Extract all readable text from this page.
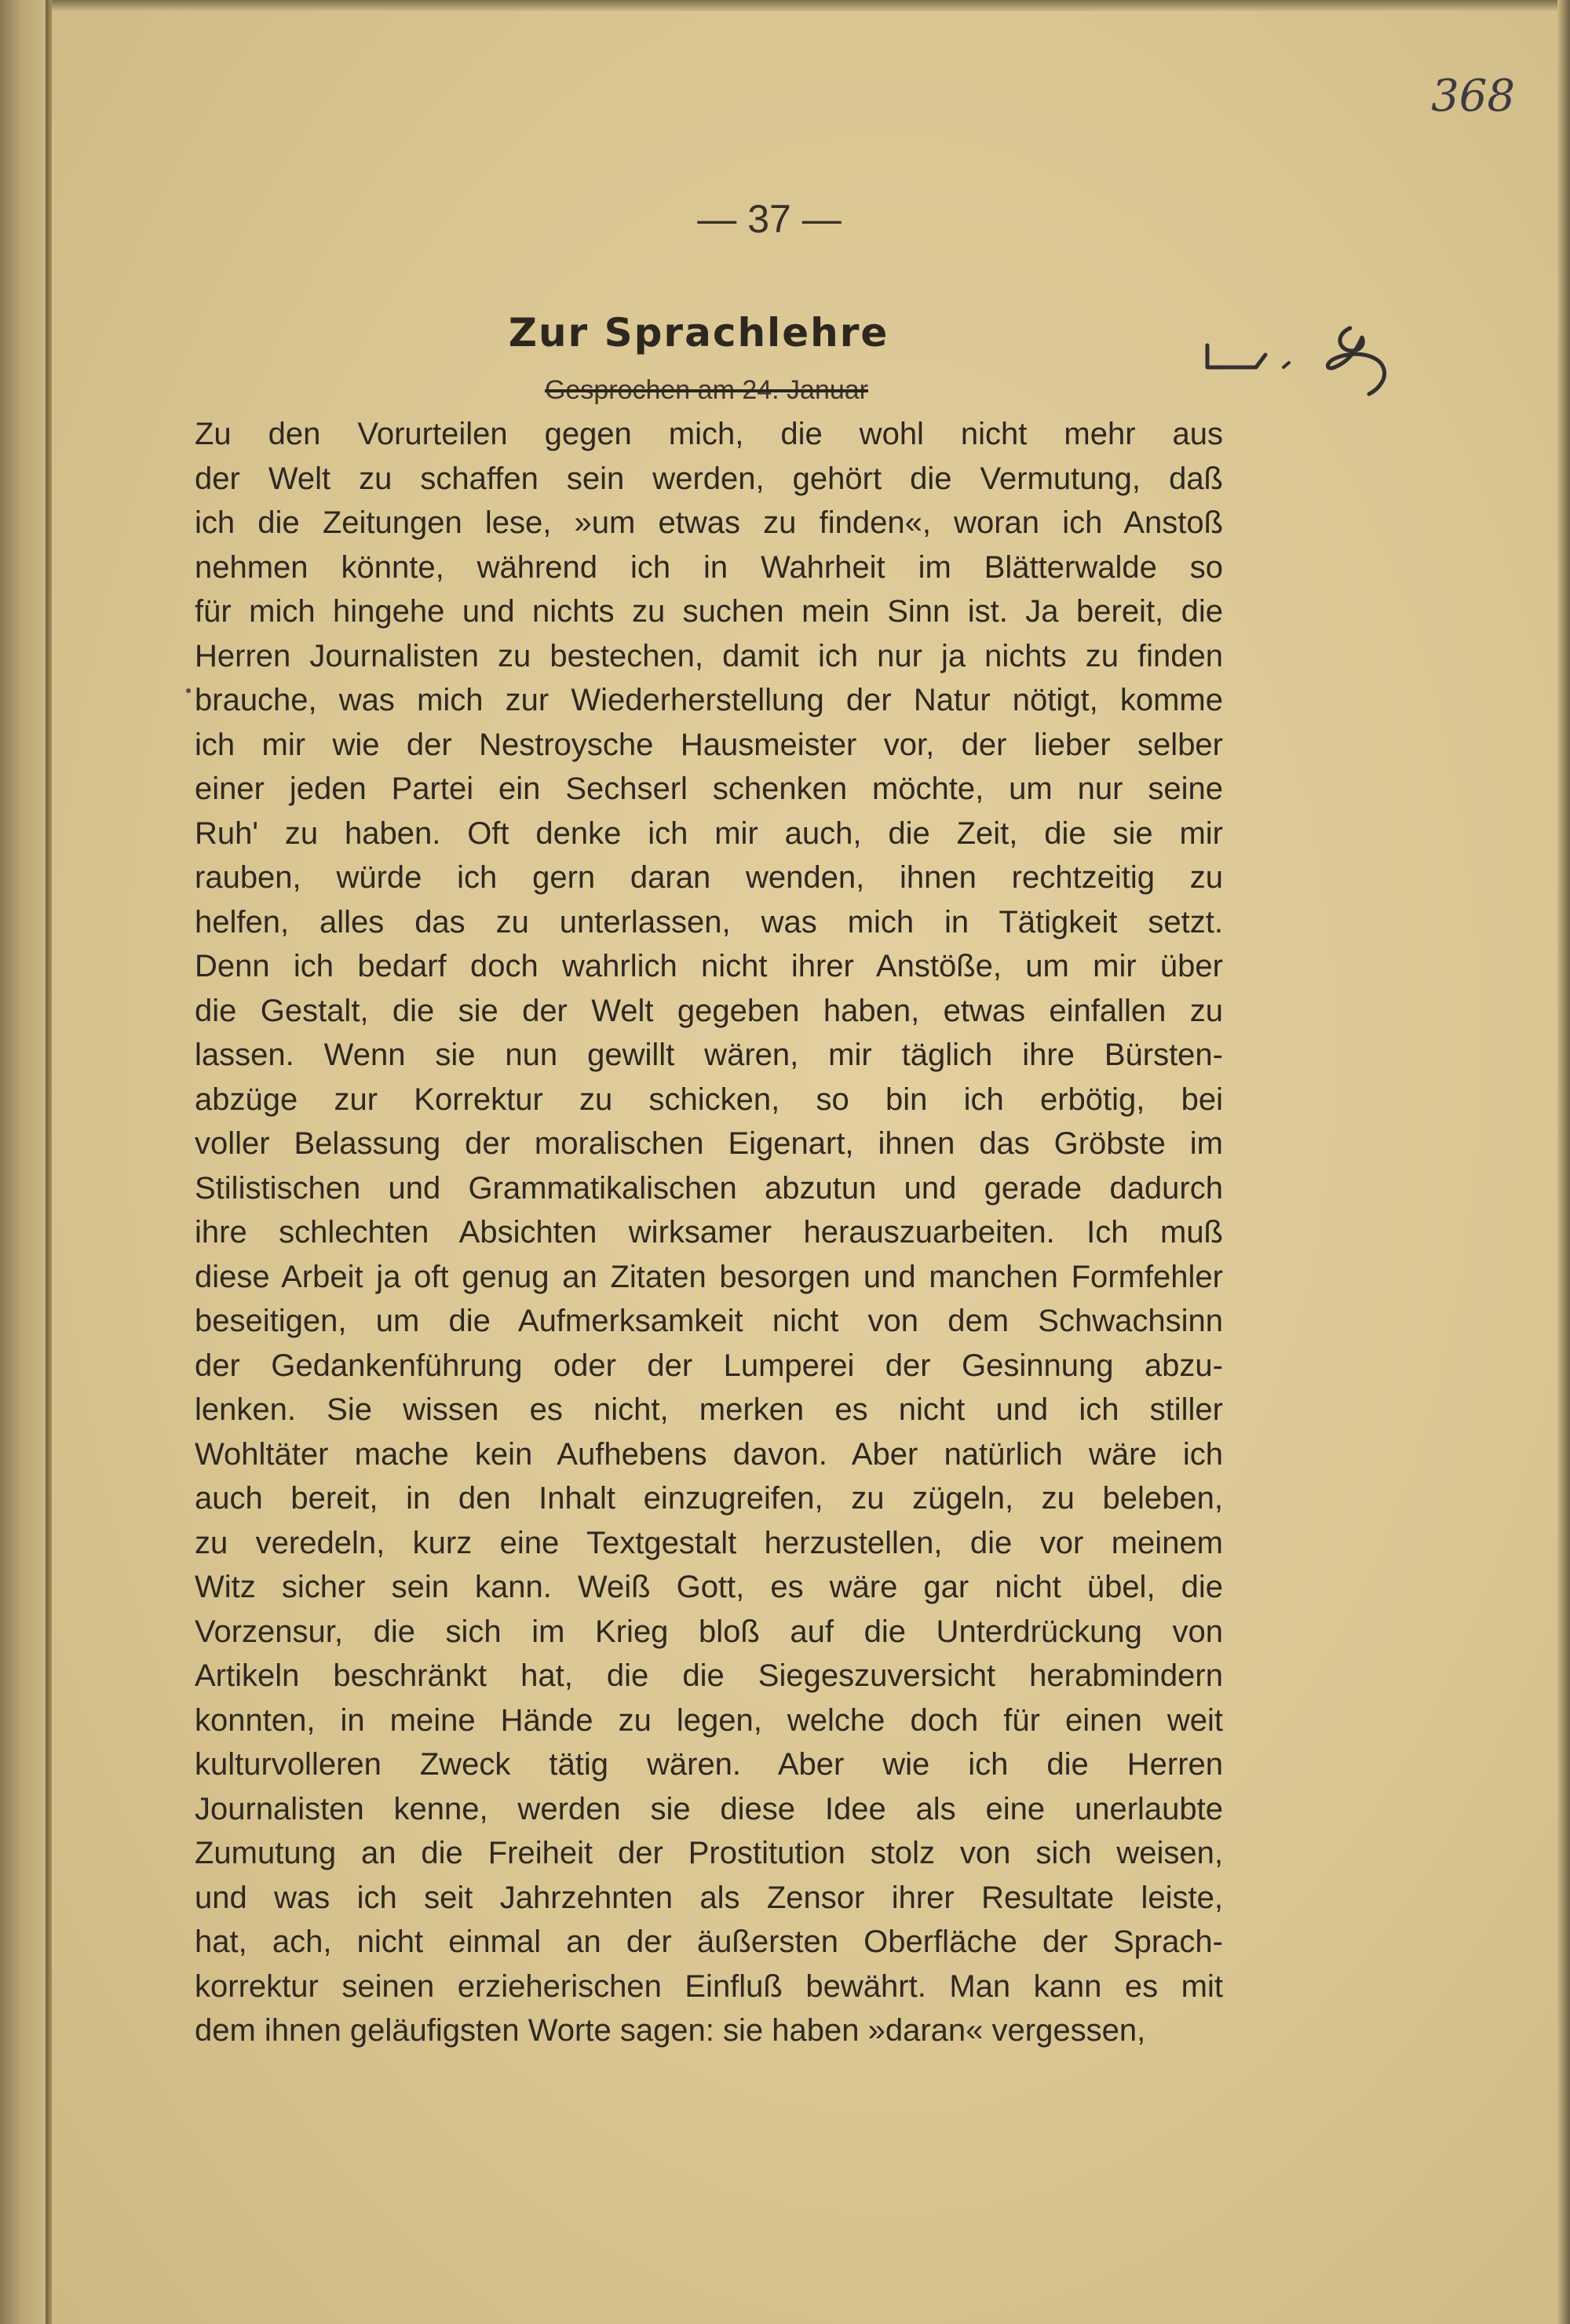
368
— 37 —
Zur Sprachlehre
Gesprochen am 24. Januar
Zu den Vorurteilen gegen mich, die wohl nicht mehr aus
der Welt zu schaffen sein werden, gehört die Vermutung, daß
ich die Zeitungen lese, »um etwas zu finden«, woran ich Anstoß
nehmen könnte, während ich in Wahrheit im Blätterwalde so
für mich hingehe und nichts zu suchen mein Sinn ist. Ja bereit, die
Herren Journalisten zu bestechen, damit ich nur ja nichts zu finden
brauche, was mich zur Wiederherstellung der Natur nötigt, komme
ich mir wie der Nestroysche Hausmeister vor, der lieber selber
einer jeden Partei ein Sechserl schenken möchte, um nur seine
Ruh' zu haben. Oft denke ich mir auch, die Zeit, die sie mir
rauben, würde ich gern daran wenden, ihnen rechtzeitig zu
helfen, alles das zu unterlassen, was mich in Tätigkeit setzt.
Denn ich bedarf doch wahrlich nicht ihrer Anstöße, um mir über
die Gestalt, die sie der Welt gegeben haben, etwas einfallen zu
lassen. Wenn sie nun gewillt wären, mir täglich ihre Bürsten-
abzüge zur Korrektur zu schicken, so bin ich erbötig, bei
voller Belassung der moralischen Eigenart, ihnen das Gröbste im
Stilistischen und Grammatikalischen abzutun und gerade dadurch
ihre schlechten Absichten wirksamer herauszuarbeiten. Ich muß
diese Arbeit ja oft genug an Zitaten besorgen und manchen Formfehler
beseitigen, um die Aufmerksamkeit nicht von dem Schwachsinn
der Gedankenführung oder der Lumperei der Gesinnung abzu-
lenken. Sie wissen es nicht, merken es nicht und ich stiller
Wohltäter mache kein Aufhebens davon. Aber natürlich wäre ich
auch bereit, in den Inhalt einzugreifen, zu zügeln, zu beleben,
zu veredeln, kurz eine Textgestalt herzustellen, die vor meinem
Witz sicher sein kann. Weiß Gott, es wäre gar nicht übel, die
Vorzensur, die sich im Krieg bloß auf die Unterdrückung von
Artikeln beschränkt hat, die die Siegeszuversicht herabmindern
konnten, in meine Hände zu legen, welche doch für einen weit
kulturvolleren Zweck tätig wären. Aber wie ich die Herren
Journalisten kenne, werden sie diese Idee als eine unerlaubte
Zumutung an die Freiheit der Prostitution stolz von sich weisen,
und was ich seit Jahrzehnten als Zensor ihrer Resultate leiste,
hat, ach, nicht einmal an der äußersten Oberfläche der Sprach-
korrektur seinen erzieherischen Einfluß bewährt. Man kann es mit
dem ihnen geläufigsten Worte sagen: sie haben »daran« vergessen,
